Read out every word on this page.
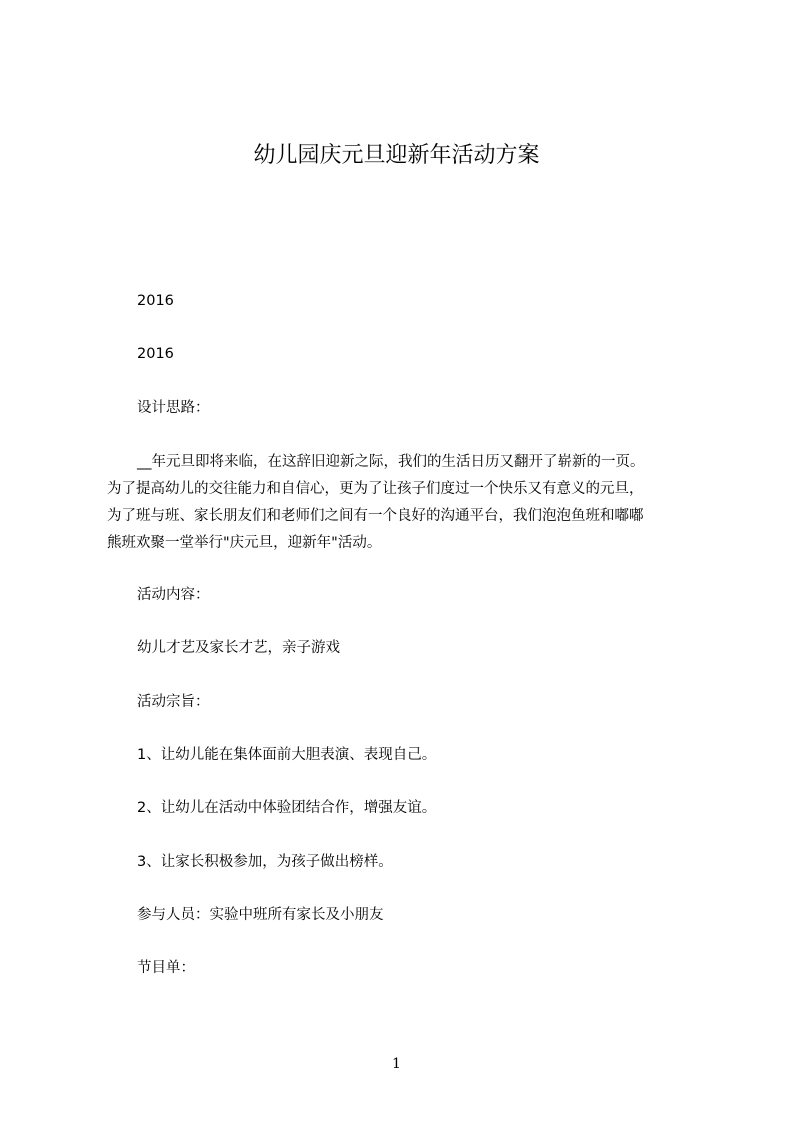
幼儿园庆元旦迎新年活动方案
2016
2016
设计思路：
__年元旦即将来临，在这辞旧迎新之际，我们的生活日历又翻开了崭新的一页。
为了提高幼儿的交往能力和自信心，更为了让孩子们度过一个快乐又有意义的元旦，
为了班与班、家长朋友们和老师们之间有一个良好的沟通平台，我们泡泡鱼班和嘟嘟
熊班欢聚一堂举行"庆元旦，迎新年"活动。
活动内容：
幼儿才艺及家长才艺，亲子游戏
活动宗旨：
1、让幼儿能在集体面前大胆表演、表现自己。
2、让幼儿在活动中体验团结合作，增强友谊。
3、让家长积极参加，为孩子做出榜样。
参与人员：实验中班所有家长及小朋友
节目单：
1
